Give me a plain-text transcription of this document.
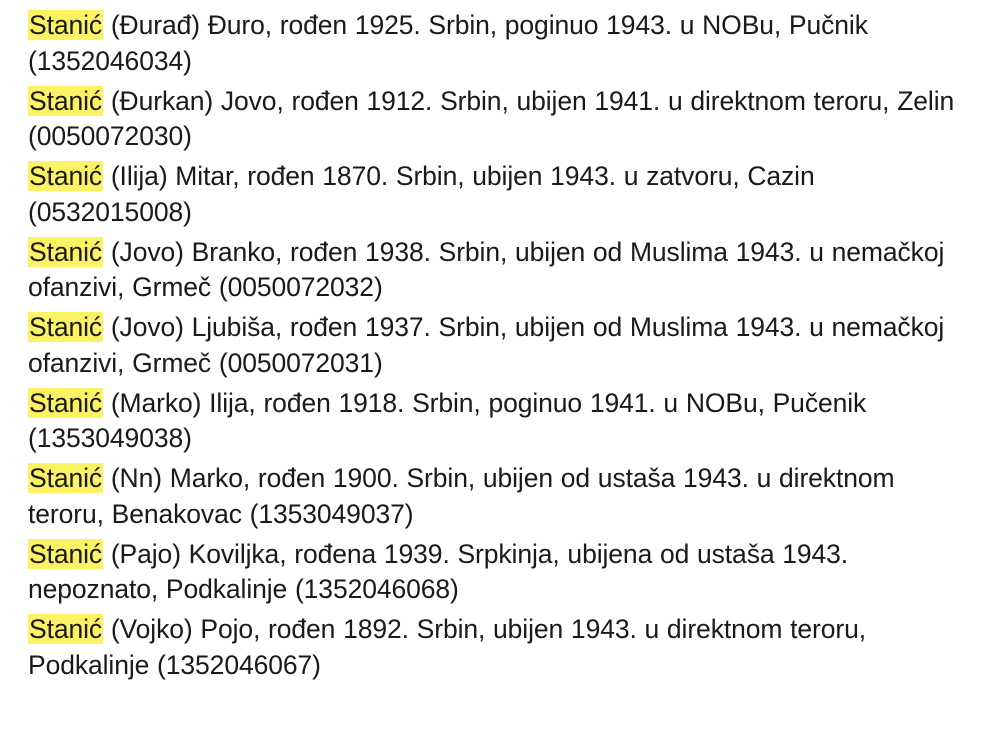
Stanić (Đurađ) Đuro, rođen 1925. Srbin, poginuo 1943. u NOBu, Pučnik (1352046034)

Stanić (Đurkan) Jovo, rođen 1912. Srbin, ubijen 1941. u direktnom teroru, Zelin (0050072030)

Stanić (Ilija) Mitar, rođen 1870. Srbin, ubijen 1943. u zatvoru, Cazin (0532015008)

Stanić (Jovo) Branko, rođen 1938. Srbin, ubijen od Muslima 1943. u nemačkoj ofanzivi, Grmeč (0050072032)

Stanić (Jovo) Ljubiša, rođen 1937. Srbin, ubijen od Muslima 1943. u nemačkoj ofanzivi, Grmeč (0050072031)

Stanić (Marko) Ilija, rođen 1918. Srbin, poginuo 1941. u NOBu, Pučenik (1353049038)

Stanić (Nn) Marko, rođen 1900. Srbin, ubijen od ustaša 1943. u direktnom teroru, Benakovac (1353049037)

Stanić (Pajo) Koviljka, rođena 1939. Srpkinja, ubijena od ustaša 1943. nepoznato, Podkalinje (1352046068)

Stanić (Vojko) Pojo, rođen 1892. Srbin, ubijen 1943. u direktnom teroru, Podkalinje (1352046067)
